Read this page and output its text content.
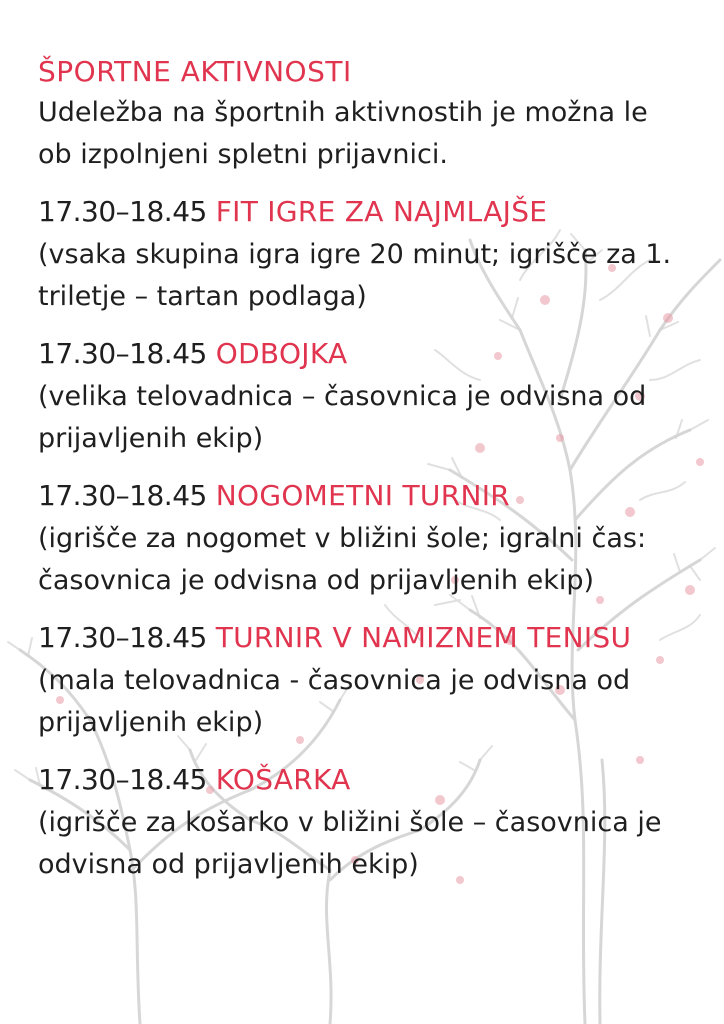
ŠPORTNE AKTIVNOSTI

Udeležba na športnih aktivnostih je možna le ob izpolnjeni spletni prijavnici.

17.30–18.45 FIT IGRE ZA NAJMLAJŠE

(vsaka skupina igra igre 20 minut; igrišče za 1.
triletje – tartan podlaga)

17.30–18.45 ODBOJKA

(velika telovadnica – časovnica je odvisna od
prijavljenih ekip)

17.30–18.45 NOGOMETNI TURNIR

(igrišče za nogomet v bližini šole; igralni čas:
časovnica je odvisna od prijavljenih ekip)

17.30–18.45 TURNIR V NAMIZNEM TENISU

(mala telovadnica - časovnica je odvisna od
prijavljenih ekip)

17.30–18.45 KOŠARKA

(igrišče za košarko v bližini šole – časovnica je
odvisna od prijavljenih ekip)
